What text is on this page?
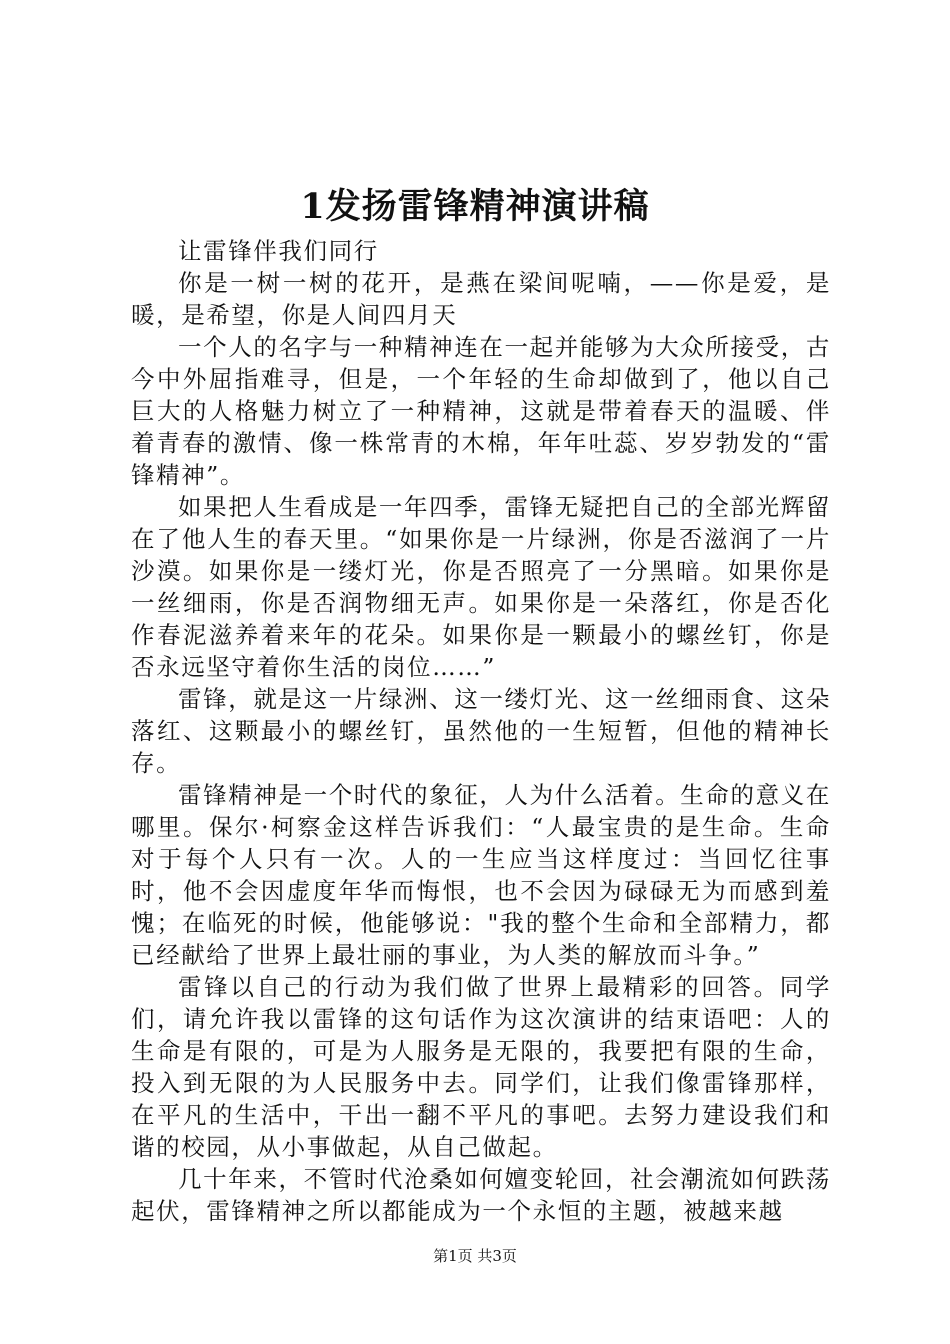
1发扬雷锋精神演讲稿

让雷锋伴我们同行

你是一树一树的花开，是燕在梁间呢喃，——你是爱，是暖，是希望，你是人间四月天

一个人的名字与一种精神连在一起并能够为大众所接受，古今中外屈指难寻，但是，一个年轻的生命却做到了，他以自己巨大的人格魅力树立了一种精神，这就是带着春天的温暖、伴着青春的激情、像一株常青的木棉，年年吐蕊、岁岁勃发的“雷锋精神”。

如果把人生看成是一年四季，雷锋无疑把自己的全部光辉留在了他人生的春天里。“如果你是一片绿洲，你是否滋润了一片沙漠。如果你是一缕灯光，你是否照亮了一分黑暗。如果你是一丝细雨，你是否润物细无声。如果你是一朵落红，你是否化作春泥滋养着来年的花朵。如果你是一颗最小的螺丝钉，你是否永远坚守着你生活的岗位……”

雷锋，就是这一片绿洲、这一缕灯光、这一丝细雨食、这朵落红、这颗最小的螺丝钉，虽然他的一生短暂，但他的精神长存。

雷锋精神是一个时代的象征，人为什么活着。生命的意义在哪里。保尔·柯察金这样告诉我们：“人最宝贵的是生命。生命对于每个人只有一次。人的一生应当这样度过：当回忆往事时，他不会因虚度年华而悔恨，也不会因为碌碌无为而感到羞愧；在临死的时候，他能够说："我的整个生命和全部精力，都已经献给了世界上最壮丽的事业，为人类的解放而斗争。”

雷锋以自己的行动为我们做了世界上最精彩的回答。同学们，请允许我以雷锋的这句话作为这次演讲的结束语吧：人的生命是有限的，可是为人服务是无限的，我要把有限的生命，投入到无限的为人民服务中去。同学们，让我们像雷锋那样，在平凡的生活中，干出一翻不平凡的事吧。去努力建设我们和谐的校园，从小事做起，从自己做起。

几十年来，不管时代沧桑如何嬗变轮回，社会潮流如何跌荡起伏，雷锋精神之所以都能成为一个永恒的主题，被越来越

第1页 共3页
